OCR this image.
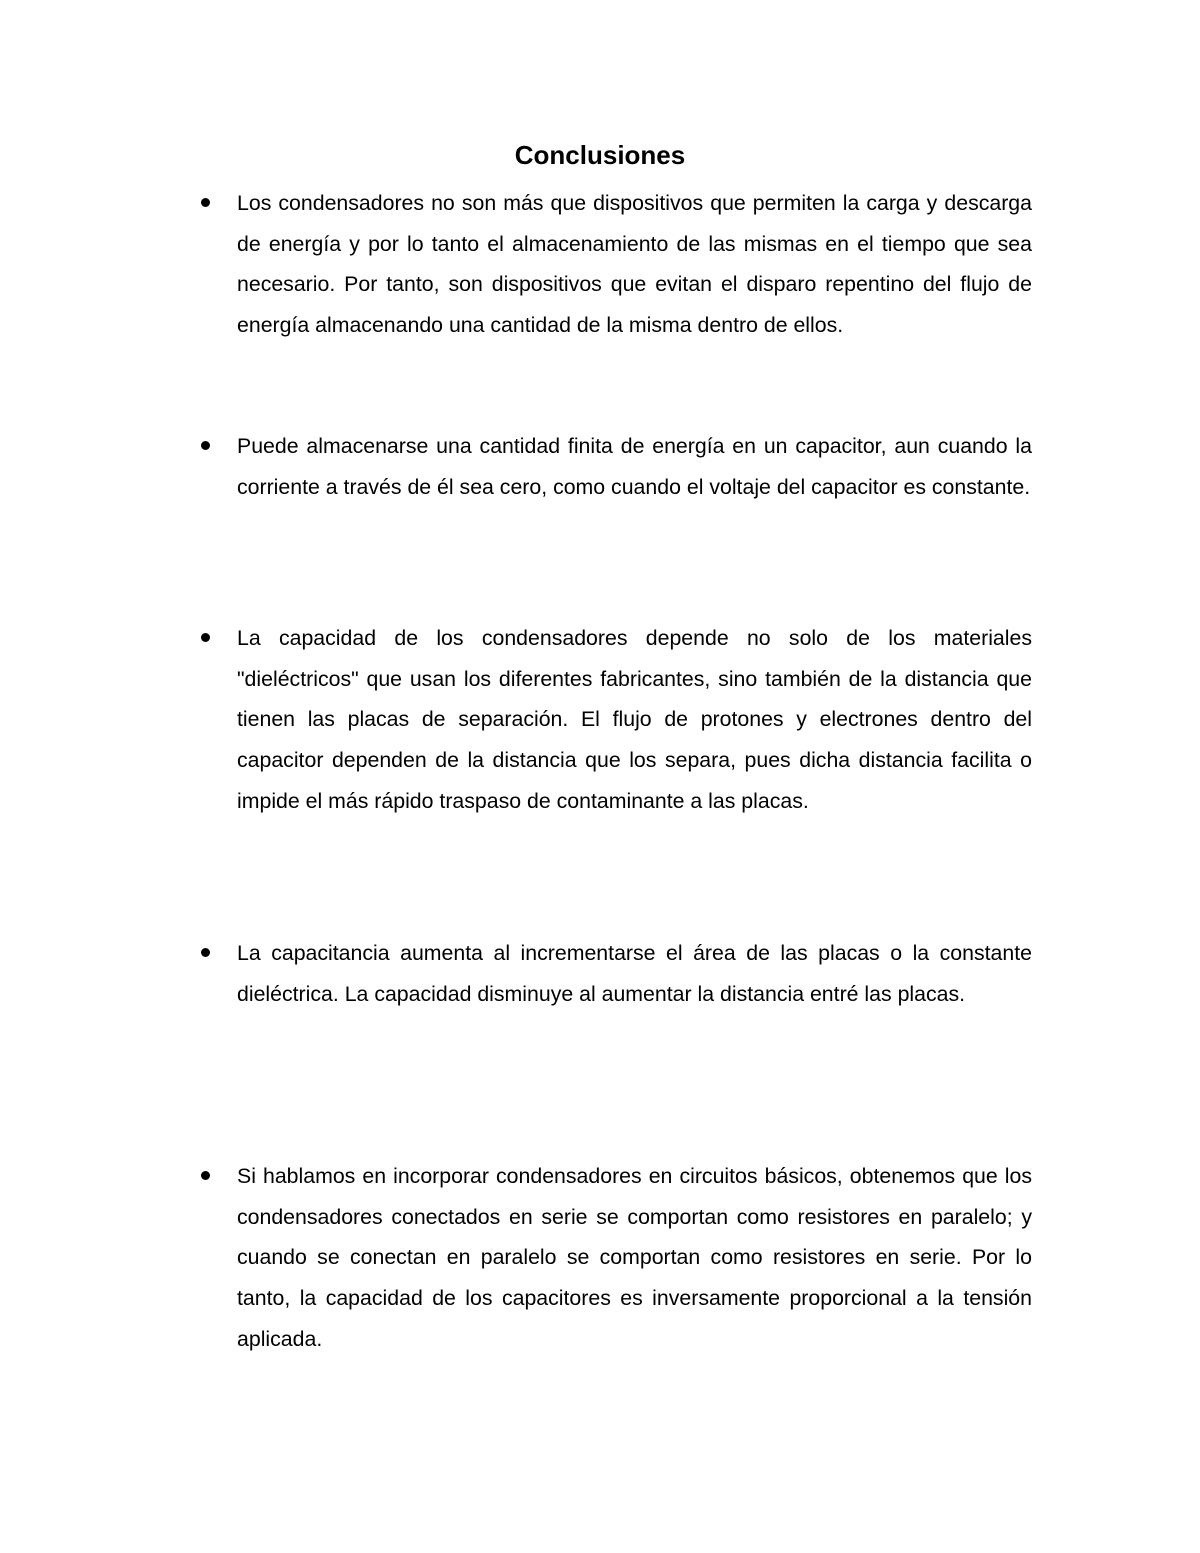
Conclusiones
Los condensadores no son más que dispositivos que permiten la carga y descarga de energía y por lo tanto el almacenamiento de las mismas en el tiempo que sea necesario. Por tanto, son dispositivos que evitan el disparo repentino del flujo de energía almacenando una cantidad de la misma dentro de ellos.
Puede almacenarse una cantidad finita de energía en un capacitor, aun cuando la corriente a través de él sea cero, como cuando el voltaje del capacitor es constante.
La capacidad de los condensadores depende no solo de los materiales "dieléctricos" que usan los diferentes fabricantes, sino también de la distancia que tienen las placas de separación. El flujo de protones y electrones dentro del capacitor dependen de la distancia que los separa, pues dicha distancia facilita o impide el más rápido traspaso de contaminante a las placas.
La capacitancia aumenta al incrementarse el área de las placas o la constante dieléctrica. La capacidad disminuye al aumentar la distancia entré las placas.
Si hablamos en incorporar condensadores en circuitos básicos, obtenemos que los condensadores conectados en serie se comportan como resistores en paralelo; y cuando se conectan en paralelo se comportan como resistores en serie. Por lo tanto, la capacidad de los capacitores es inversamente proporcional a la tensión aplicada.
